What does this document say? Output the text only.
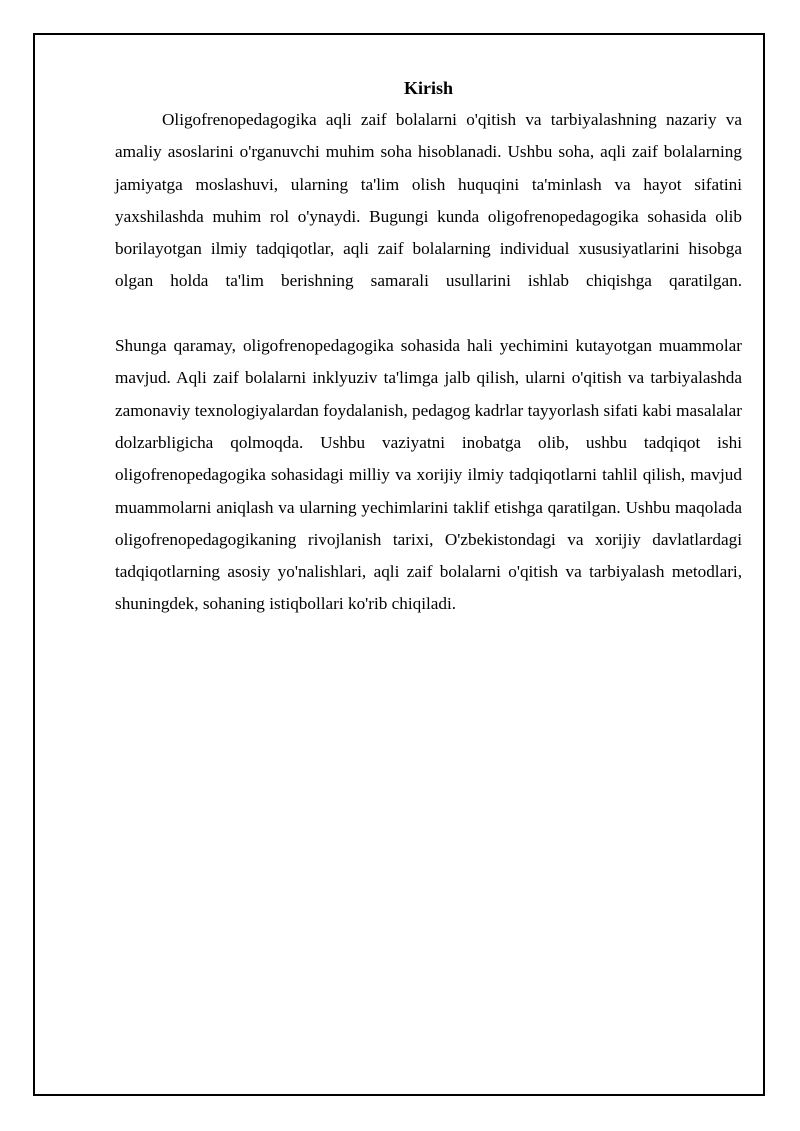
Kirish

Oligofrenopedagogika aqli zaif bolalarni o'qitish va tarbiyalashning nazariy va amaliy asoslarini o'rganuvchi muhim soha hisoblanadi. Ushbu soha, aqli zaif bolalarning jamiyatga moslashuvi, ularning ta'lim olish huquqini ta'minlash va hayot sifatini yaxshilashda muhim rol o'ynaydi. Bugungi kunda oligofrenopedagogika sohasida olib borilayotgan ilmiy tadqiqotlar, aqli zaif bolalarning individual xususiyatlarini hisobga olgan holda ta'lim berishning samarali usullarini ishlab chiqishga qaratilgan.

Shunga qaramay, oligofrenopedagogika sohasida hali yechimini kutayotgan muammolar mavjud. Aqli zaif bolalarni inklyuziv ta'limga jalb qilish, ularni o'qitish va tarbiyalashda zamonaviy texnologiyalardan foydalanish, pedagog kadrlar tayyorlash sifati kabi masalalar dolzarbligicha qolmoqda. Ushbu vaziyatni inobatga olib, ushbu tadqiqot ishi oligofrenopedagogika sohasidagi milliy va xorijiy ilmiy tadqiqotlarni tahlil qilish, mavjud muammolarni aniqlash va ularning yechimlarini taklif etishga qaratilgan. Ushbu maqolada oligofrenopedagogikaning rivojlanish tarixi, O'zbekistondagi va xorijiy davlatlardagi tadqiqotlarning asosiy yo'nalishlari, aqli zaif bolalarni o'qitish va tarbiyalash metodlari, shuningdek, sohaning istiqbollari ko'rib chiqiladi.
